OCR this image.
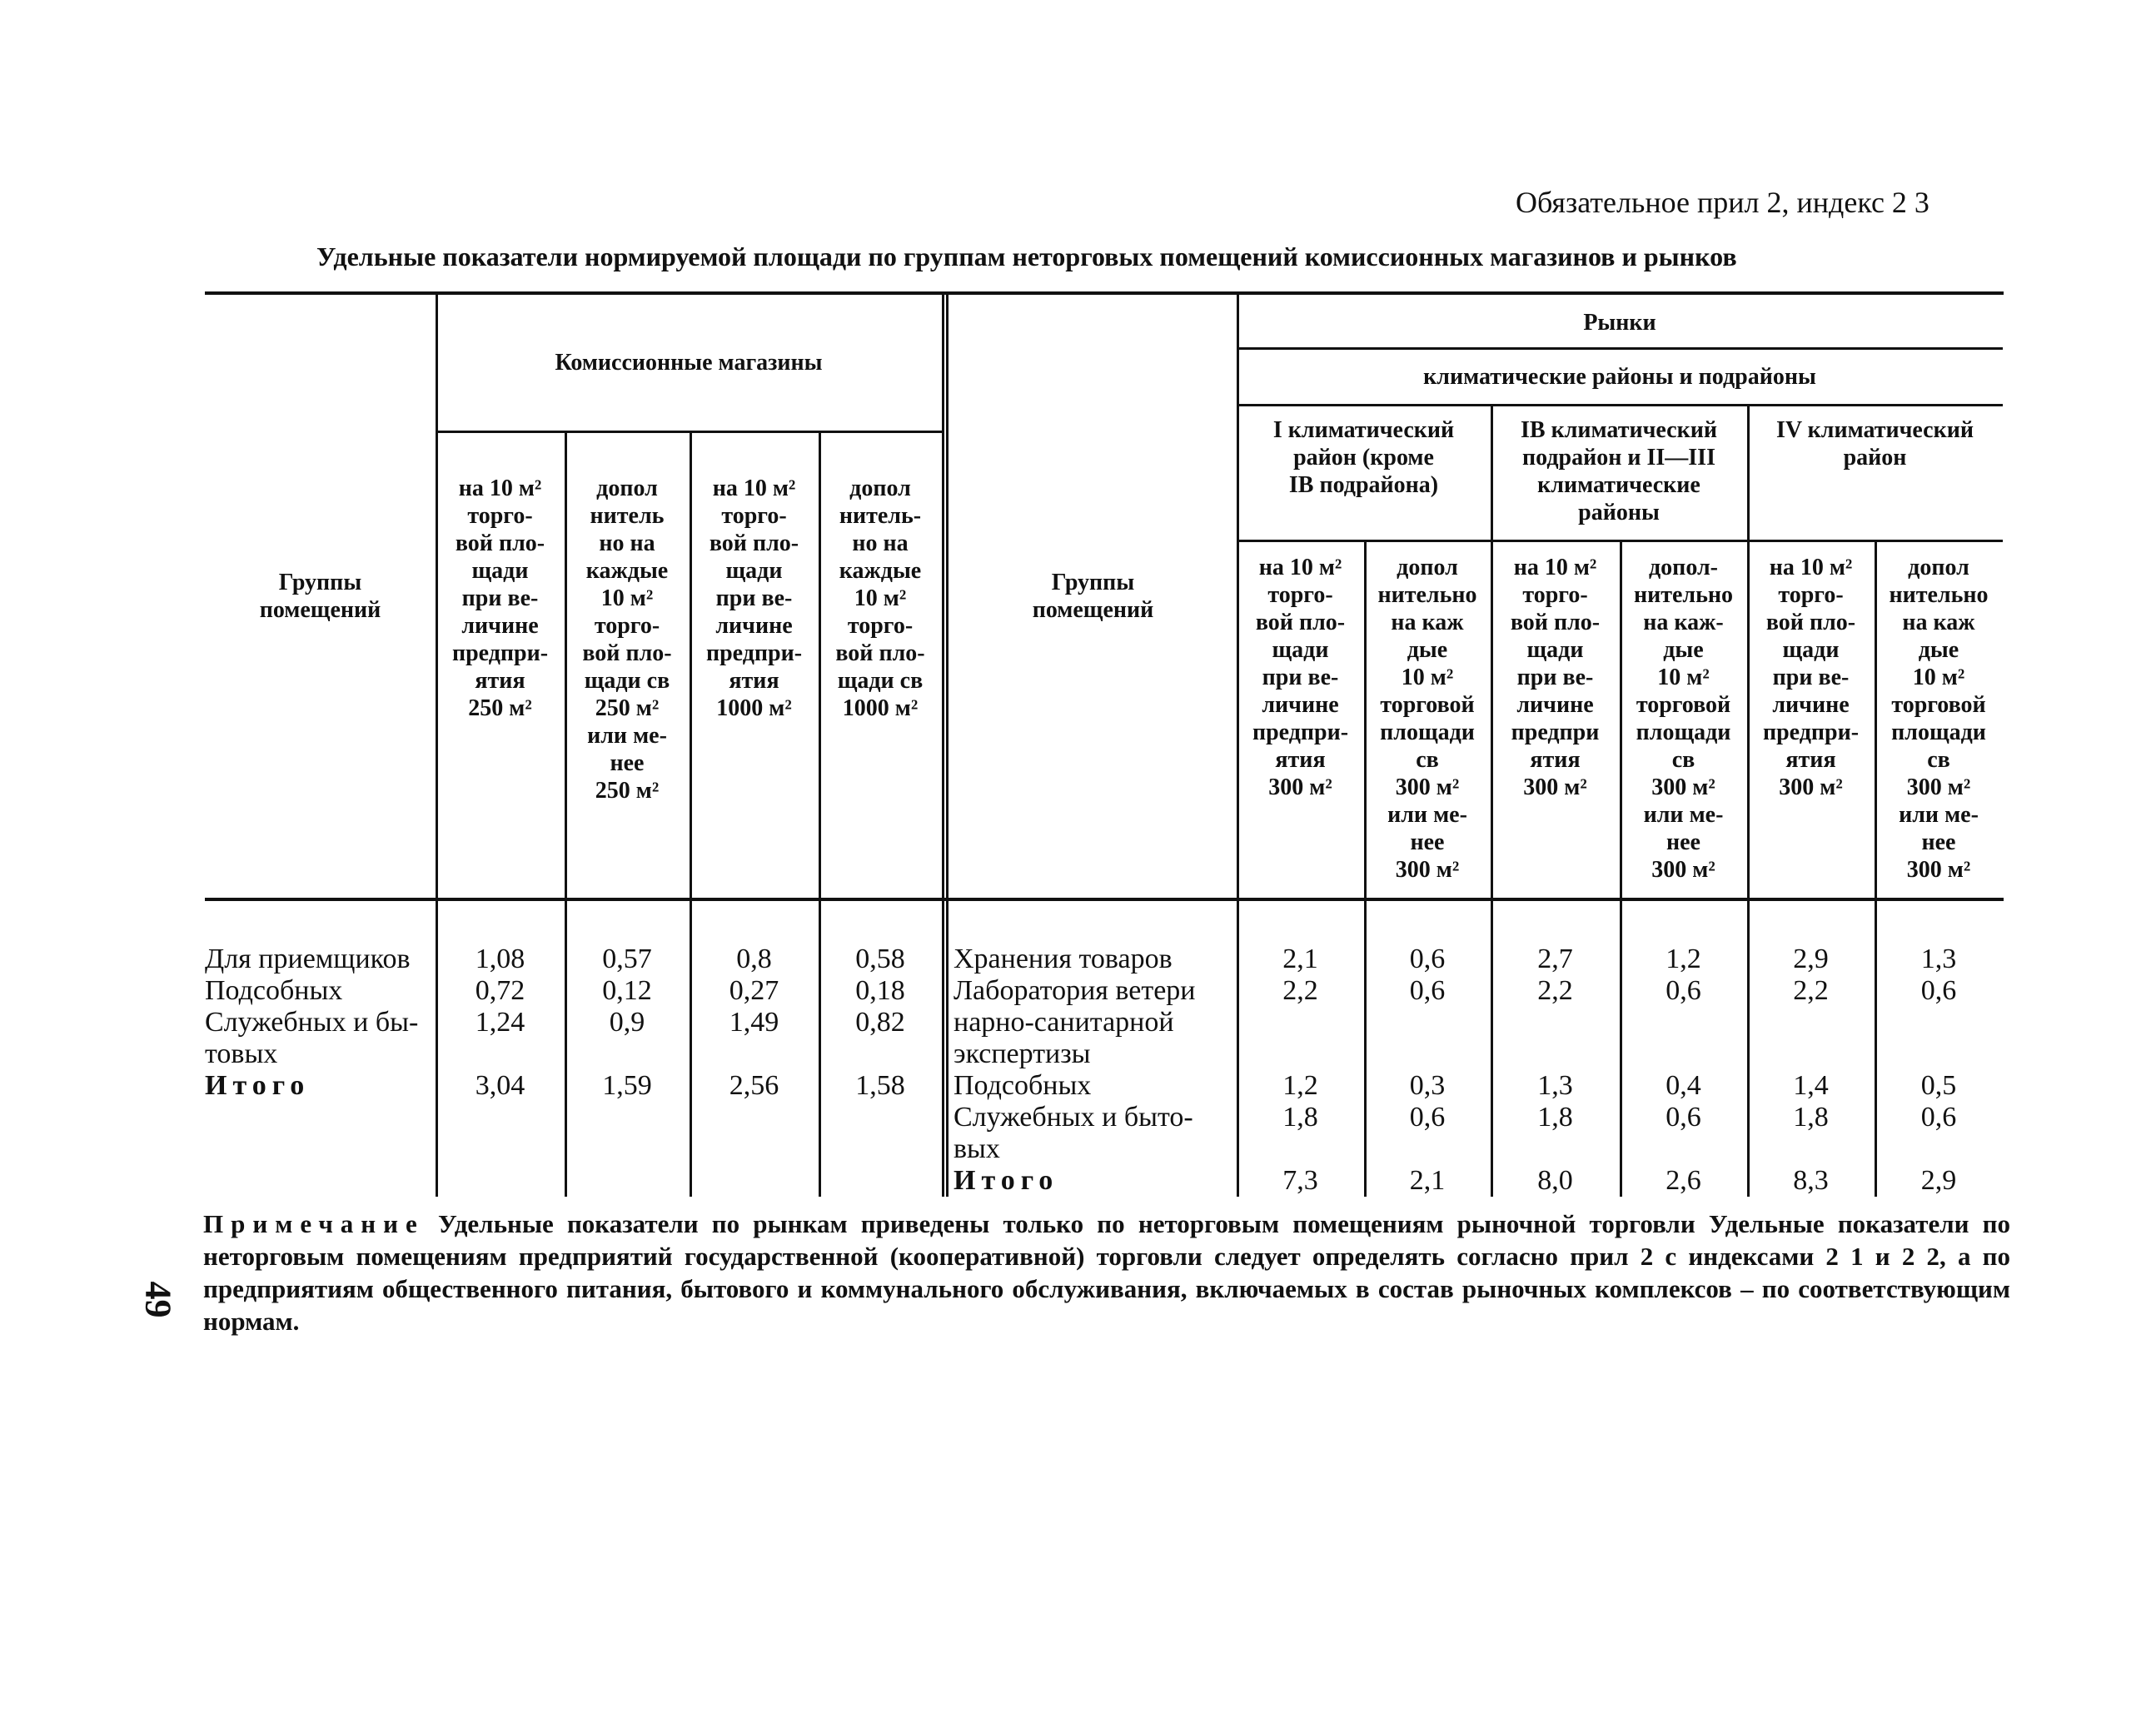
Обязательное прил 2, индекс 2 3
Удельные показатели нормируемой площади по группам неторговых помещений комиссионных магазинов и рынков
Группы
помещений
Комиссионные магазины
на 10 м²
торго-
вой пло-
щади
при ве-
личине
предпри-
ятия
250 м²
допол
нитель
но на
каждые
10 м²
торго-
вой пло-
щади св
250 м²
или ме-
нее
250 м²
на 10 м²
торго-
вой пло-
щади
при ве-
личине
предпри-
ятия
1000 м²
допол
нитель-
но на
каждые
10 м²
торго-
вой пло-
щади св
1000 м²
Группы
помещений
Рынки
климатические районы и подрайоны
I климатический
район (кроме
IB подрайона)
IB климатический
подрайон и II—III
климатические
районы
IV климатический
район
на 10 м²
торго-
вой пло-
щади
при ве-
личине
предпри-
ятия
300 м²
допол
нительно
на каж
дые
10 м²
торговой
площади
св
300 м²
или ме-
нее
300 м²
на 10 м²
торго-
вой пло-
щади
при ве-
личине
предпри
ятия
300 м²
допол-
нительно
на каж-
дые
10 м²
торговой
площади
св
300 м²
или ме-
нее
300 м²
на 10 м²
торго-
вой пло-
щади
при ве-
личине
предпри-
ятия
300 м²
допол
нительно
на каж
дые
10 м²
торговой
площади
св
300 м²
или ме-
нее
300 м²
Для приемщиков	1,08	0,57	0,8	0,58
Подсобных	0,72	0,12	0,27	0,18
Служебных и бы-
товых
1,24	0,9	1,49	0,82
Итого	3,04	1,59	2,56	1,58
Хранения товаров	2,1	0,6	2,7	1,2	2,9	1,3
Лаборатория ветери
нарно-санитарной
экспертизы
2,2	0,6	2,2	0,6	2,2	0,6
Подсобных	1,2	0,3	1,3	0,4	1,4	0,5
Служебных и быто-
вых
1,8	0,6	1,8	0,6	1,8	0,6
Итого	7,3	2,1	8,0	2,6	8,3	2,9
Примечание Удельные показатели по рынкам приведены только по неторговым помещениям рыночной торговли Удельные показатели по неторговым помещениям предприятий государственной (кооперативной) торговли следует определять согласно прил 2 с индексами 2 1 и 2 2, а по предприятиям общественного питания, бытового и коммунального обслуживания, включаемых в состав рыночных комплексов – по соответствующим нормам.
49
